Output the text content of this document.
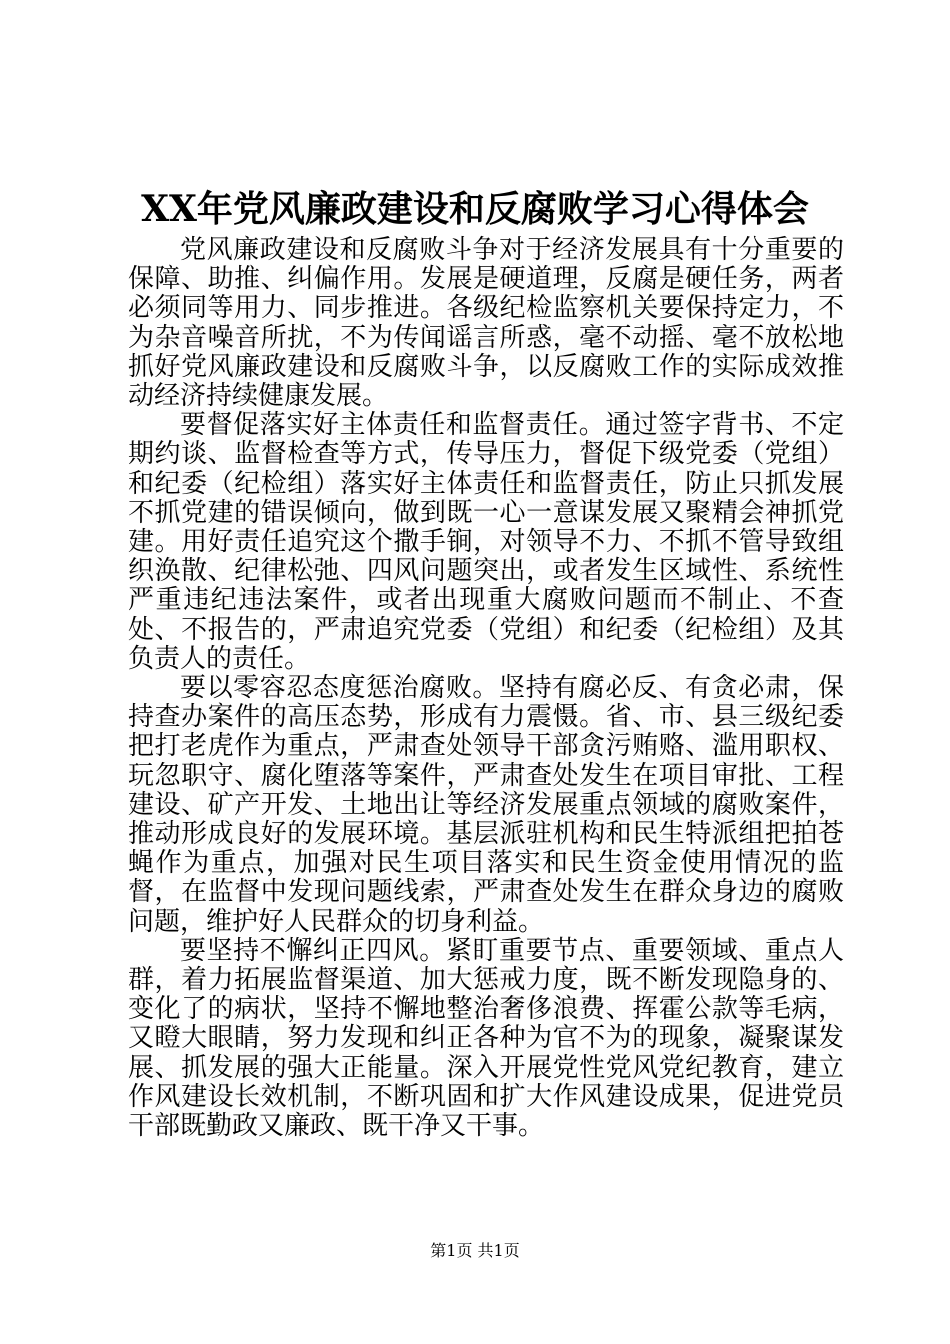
XX年党风廉政建设和反腐败学习心得体会

党风廉政建设和反腐败斗争对于经济发展具有十分重要的保障、助推、纠偏作用。发展是硬道理，反腐是硬任务，两者必须同等用力、同步推进。各级纪检监察机关要保持定力，不为杂音噪音所扰，不为传闻谣言所惑，毫不动摇、毫不放松地抓好党风廉政建设和反腐败斗争，以反腐败工作的实际成效推动经济持续健康发展。

要督促落实好主体责任和监督责任。通过签字背书、不定期约谈、监督检查等方式，传导压力，督促下级党委（党组）和纪委（纪检组）落实好主体责任和监督责任，防止只抓发展不抓党建的错误倾向，做到既一心一意谋发展又聚精会神抓党建。用好责任追究这个撒手锏，对领导不力、不抓不管导致组织涣散、纪律松弛、四风问题突出，或者发生区域性、系统性严重违纪违法案件，或者出现重大腐败问题而不制止、不查处、不报告的，严肃追究党委（党组）和纪委（纪检组）及其负责人的责任。

要以零容忍态度惩治腐败。坚持有腐必反、有贪必肃，保持查办案件的高压态势，形成有力震慑。省、市、县三级纪委把打老虎作为重点，严肃查处领导干部贪污贿赂、滥用职权、玩忽职守、腐化堕落等案件，严肃查处发生在项目审批、工程建设、矿产开发、土地出让等经济发展重点领域的腐败案件，推动形成良好的发展环境。基层派驻机构和民生特派组把拍苍蝇作为重点，加强对民生项目落实和民生资金使用情况的监督，在监督中发现问题线索，严肃查处发生在群众身边的腐败问题，维护好人民群众的切身利益。

要坚持不懈纠正四风。紧盯重要节点、重要领域、重点人群，着力拓展监督渠道、加大惩戒力度，既不断发现隐身的、变化了的病状，坚持不懈地整治奢侈浪费、挥霍公款等毛病，又瞪大眼睛，努力发现和纠正各种为官不为的现象，凝聚谋发展、抓发展的强大正能量。深入开展党性党风党纪教育，建立作风建设长效机制，不断巩固和扩大作风建设成果，促进党员干部既勤政又廉政、既干净又干事。

第1页 共1页
